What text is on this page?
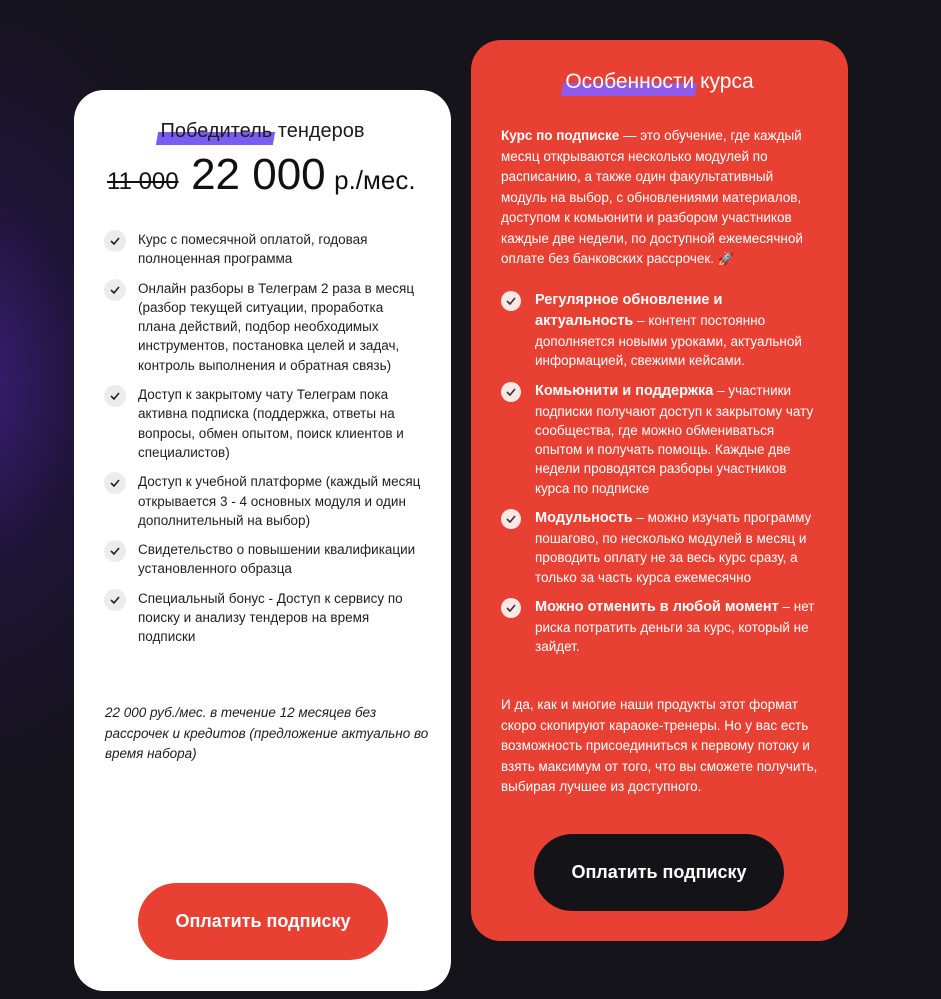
Победитель тендеров
11 000 22 000 р./мес.
Курс с помесячной оплатой, годовая полноценная программа
Онлайн разборы в Телеграм 2 раза в месяц (разбор текущей ситуации, проработка плана действий, подбор необходимых инструментов, постановка целей и задач, контроль выполнения и обратная связь)
Доступ к закрытому чату Телеграм пока активна подписка (поддержка, ответы на вопросы, обмен опытом, поиск клиентов и специалистов)
Доступ к учебной платформе (каждый месяц открывается 3 - 4 основных модуля и один дополнительный на выбор)
Свидетельство о повышении квалификации установленного образца
Специальный бонус - Доступ к сервису по поиску и анализу тендеров на время подписки
22 000 руб./мес. в течение 12 месяцев без рассрочек и кредитов (предложение актуально во время набора)
Оплатить подписку
Особенности курса
Курс по подписке — это обучение, где каждый месяц открываются несколько модулей по расписанию, а также один факультативный модуль на выбор, с обновлениями материалов, доступом к комьюнити и разбором участников каждые две недели, по доступной ежемесячной оплате без банковских рассрочек. 🚀
Регулярное обновление и актуальность – контент постоянно дополняется новыми уроками, актуальной информацией, свежими кейсами.
Комьюнити и поддержка – участники подписки получают доступ к закрытому чату сообщества, где можно обмениваться опытом и получать помощь. Каждые две недели проводятся разборы участников курса по подписке
Модульность – можно изучать программу пошагово, по несколько модулей в месяц и проводить оплату не за весь курс сразу, а только за часть курса ежемесячно
Можно отменить в любой момент – нет риска потратить деньги за курс, который не зайдет.
И да, как и многие наши продукты этот формат скоро скопируют караоке-тренеры. Но у вас есть возможность присоединиться к первому потоку и взять максимум от того, что вы сможете получить, выбирая лучшее из доступного.
Оплатить подписку
